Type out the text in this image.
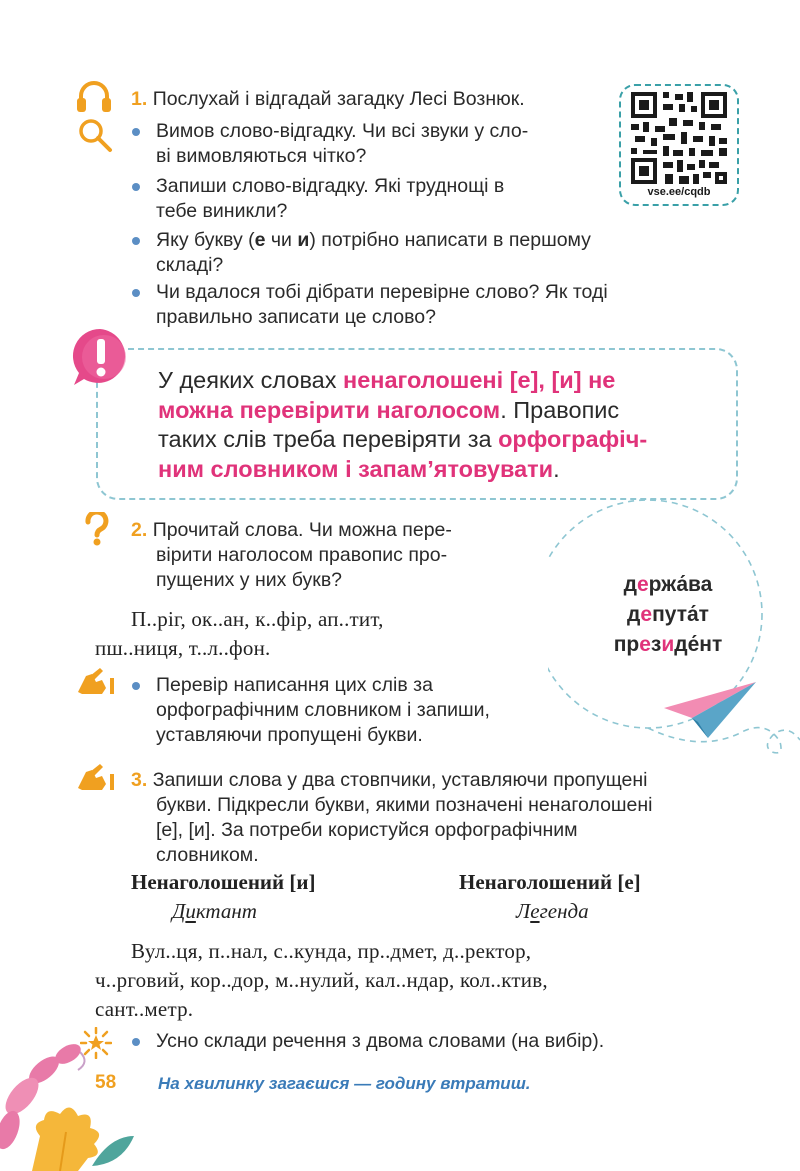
1. Послухай і відгадай загадку Лесі Вознюк.
Вимов слово-відгадку. Чи всі звуки у сло-
ві вимовляються чітко?
Запиши слово-відгадку. Які труднощі в
тебе виникли?
Яку букву (е чи и) потрібно написати в першому
складі?
Чи вдалося тобі дібрати перевірне слово? Як тоді
правильно записати це слово?
vse.ee/cqdb
У деяких словах ненаголошені [е], [и] не
можна перевірити наголосом. Правопис
таких слів треба перевіряти за орфографіч-
ним словником і запам’ятовувати.
2. Прочитай слова. Чи можна пере-
вірити наголосом правопис про-
пущених у них букв?
П..ріг, ок..ан, к..фір, ап..тит,
пш..ниця, т..л..фон.
Перевір написання цих слів за
орфографічним словником і запиши,
уставляючи пропущені букви.
держа́ва
депута́т
президе́нт
3. Запиши слова у два стовпчики, уставляючи пропущені
букви. Підкресли букви, якими позначені ненаголошені
[е], [и]. За потреби користуйся орфографічним
словником.
Ненаголошений [и]	Ненаголошений [е]
Диктант	Легенда
Вул..ця, п..нал, с..кунда, пр..дмет, д..ректор,
ч..рговий, кор..дор, м..нулий, кал..ндар, кол..ктив,
сант..метр.
Усно склади речення з двома словами (на вибір).
58 На хвилинку загаєшся — годину втратиш.
